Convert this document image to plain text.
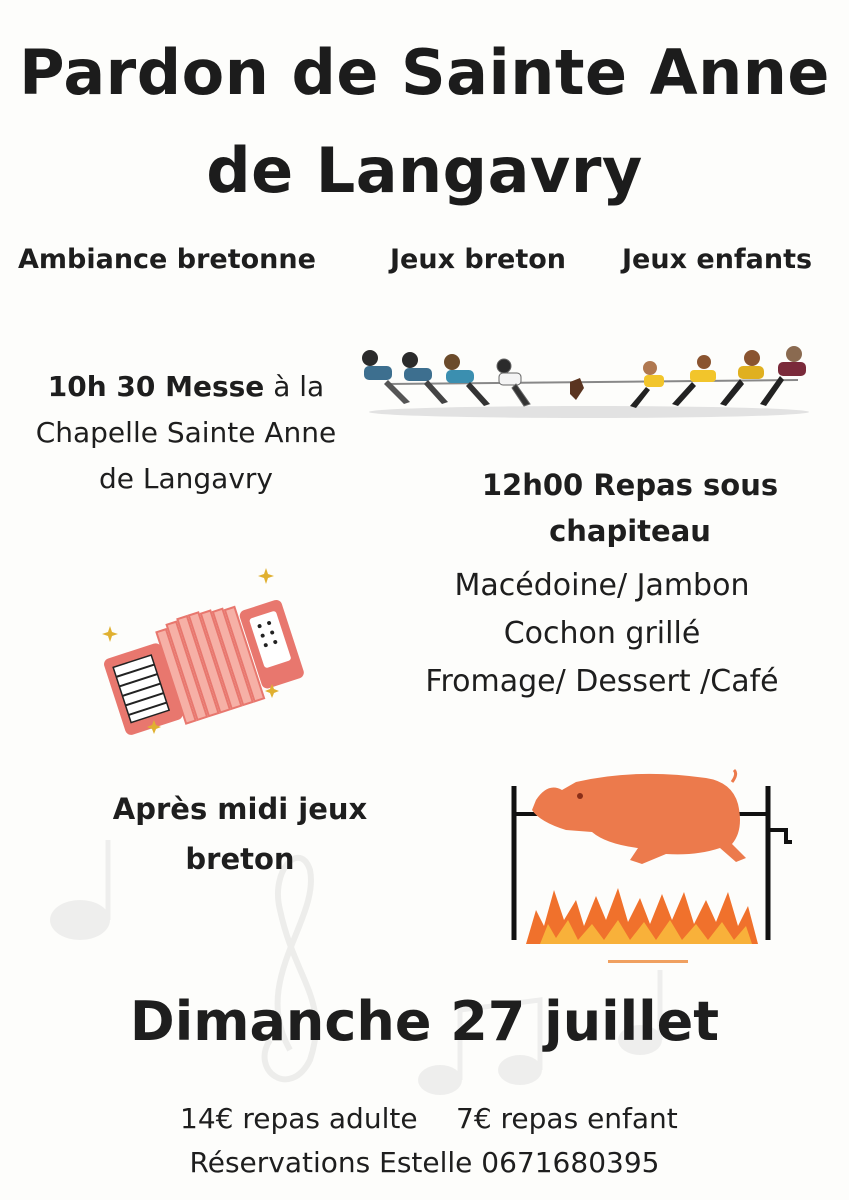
Pardon de Sainte Anne
de Langavry
Ambiance bretonne	Jeux breton Jeux enfants
10h 30 Messe à la
Chapelle Sainte Anne
de Langavry	12h00 Repas sous
chapiteau
Macédoine/ Jambon
Cochon grillé
Fromage/ Dessert /Café
Après midi jeux
breton
Dimanche 27 juillet
14€ repas adulte 7€ repas enfant
Réservations Estelle 0671680395
